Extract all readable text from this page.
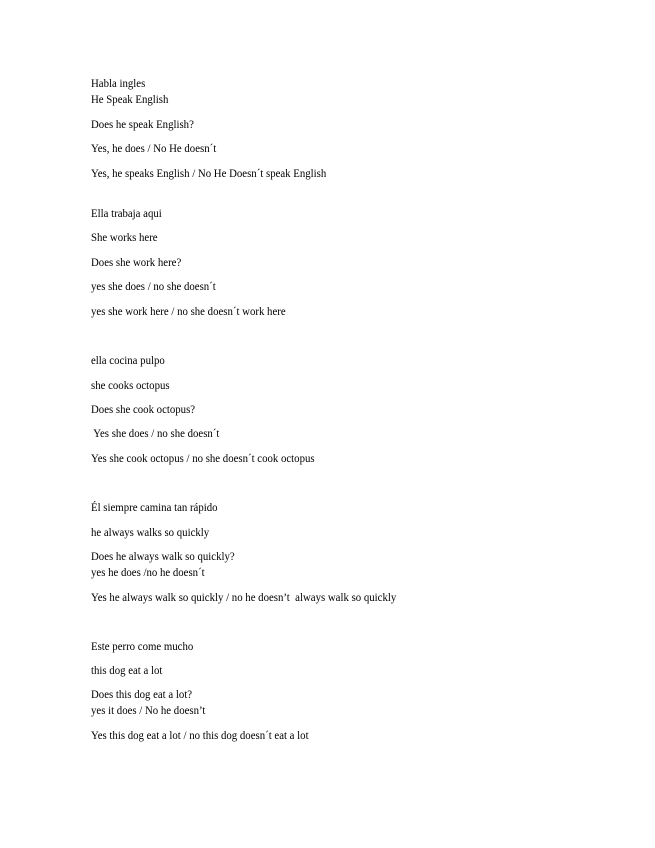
Habla ingles

He Speak English

Does he speak English?

Yes, he does / No He doesn´t

Yes, he speaks English / No He Doesn´t speak English

Ella trabaja aqui

She works here

Does she work here?

yes she does / no she doesn´t

yes she work here / no she doesn´t work here

ella cocina pulpo

she cooks octopus

Does she cook octopus?

Yes she does / no she doesn´t

Yes she cook octopus / no she doesn´t cook octopus

Él siempre camina tan rápido

he always walks so quickly

Does he always walk so quickly?

yes he does /no he doesn´t

Yes he always walk so quickly / no he doesn’t  always walk so quickly

Este perro come mucho

this dog eat a lot

Does this dog eat a lot?

yes it does / No he doesn’t

Yes this dog eat a lot / no this dog doesn´t eat a lot
